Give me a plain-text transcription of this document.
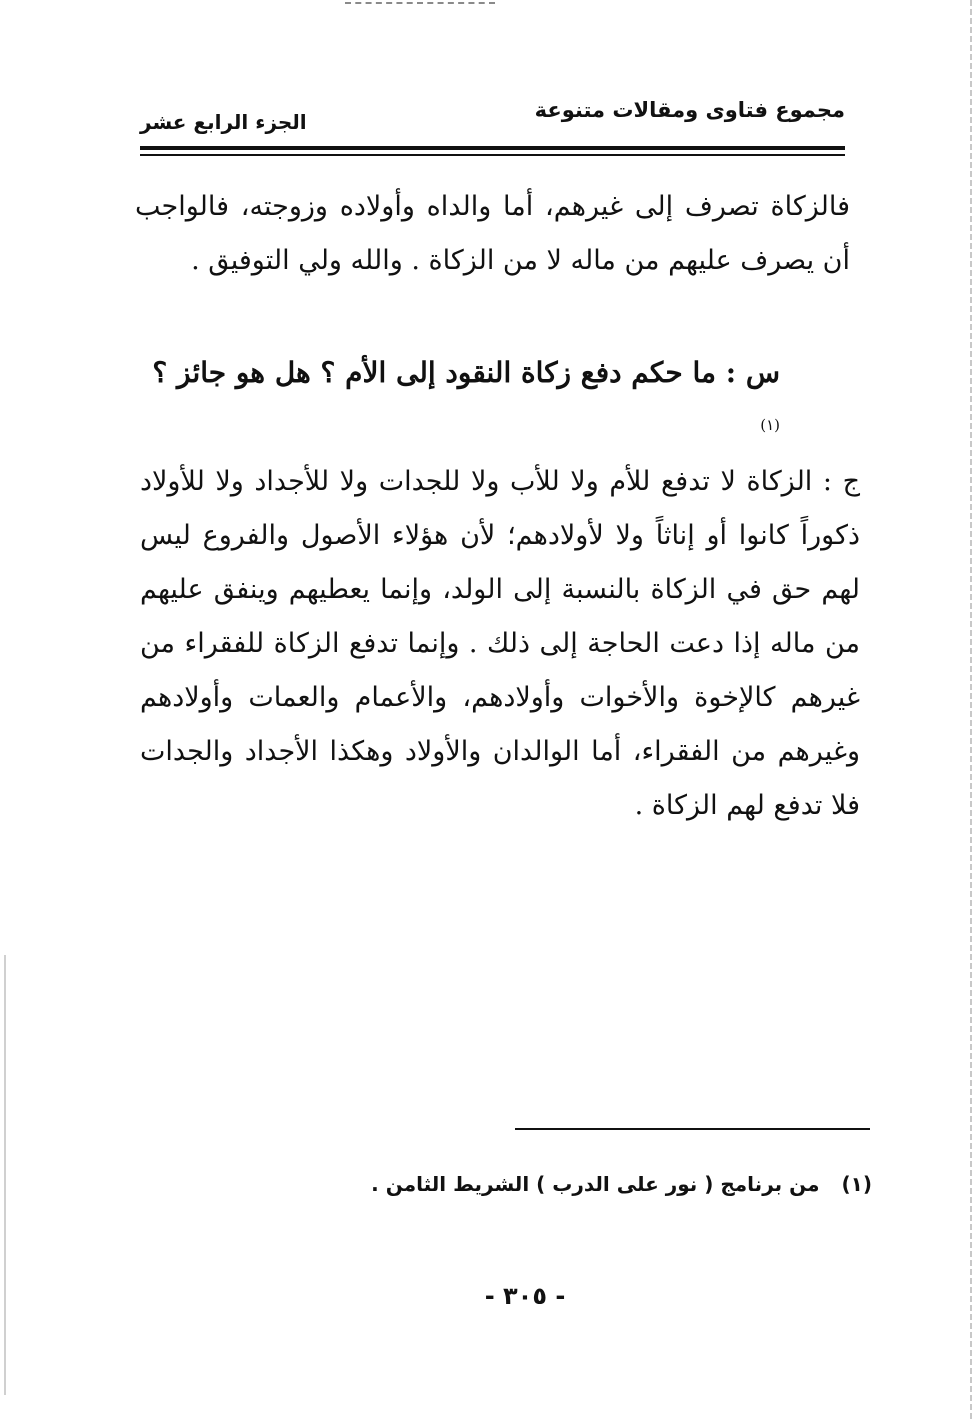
مجموع فتاوى ومقالات متنوعة
الجزء الرابع عشر

فالزكاة تصرف إلى غيرهم، أما والداه وأولاده وزوجته، فالواجب أن يصرف عليهم من ماله لا من الزكاة . والله ولي التوفيق .

س : ما حكم دفع زكاة النقود إلى الأم ؟ هل هو جائز ؟$^{(١)}$

ج : الزكاة لا تدفع للأم ولا للأب ولا للجدات ولا للأجداد ولا للأولاد ذكوراً كانوا أو إناثاً ولا لأولادهم؛ لأن هؤلاء الأصول والفروع ليس لهم حق في الزكاة بالنسبة إلى الولد، وإنما يعطيهم وينفق عليهم من ماله إذا دعت الحاجة إلى ذلك . وإنما تدفع الزكاة للفقراء من غيرهم كالإخوة والأخوات وأولادهم، والأعمام والعمات وأولادهم وغيرهم من الفقراء، أما الوالدان والأولاد وهكذا الأجداد والجدات فلا تدفع لهم الزكاة .

(١)من برنامج ( نور على الدرب ) الشريط الثامن .

- ٣٠٥ -
